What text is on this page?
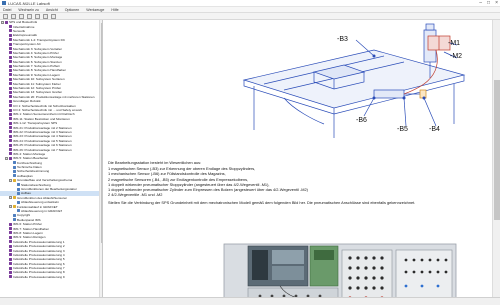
LUCAS-NÜLLE Labsoft	– □ ×
Datei Wechseln zu Ansicht Optionen Werkzeuge Hilfe
-	SPS und Bustechnik
Inbetriebnahme
Sensorik
Elektropneumatik
Mechatronik 1-2: Transportsystem DC
Transportsystem AC
Mechatronik 3: Subsystem Verteilen
Mechatronik 4: Subsystem Prüfen
Mechatronik 5: Subsystem Montage
Mechatronik 6: Subsystem Stanzen
Mechatronik 7: Subsystem Puffern
Mechatronik 8: Subsystem Handhaben
Mechatronik 9: Subsystem Lagern
Mechatronik 10: Subsystem Sortieren
Mechatronik 11: Subsystem Kleben
Mechatronik 12: Subsystem Prüfen
Mechatronik 13: Subsystem Greifen
Mechatronik 20: Produktionsanlage mit mehreren Stationen
Grundlagen Robotik
CO 1: Sicherheitstechnik mit Schutzkontakten
CO 2: Sicherheitstechnik mit ... und Safety at work
IMS 1: Station Sensoriereinheit mit Drehtisch
IMS 11: Station Bestücken und Montieren
IMS 1-12: Transportsystem SPS
IMS 21: Produktionsanlage mit 2 Stationen
IMS 22: Produktionsanlage mit 3 Stationen
IMS 23: Produktionsanlage mit 4 Stationen
IMS 24: Produktionsanlage mit 5 Stationen
IMS 25: Produktionsanlage mit 6 Stationen
IMS 26: Produktionsanlage mit 7 Stationen
IMS 4: Station Montage
-	IMS 5: Station Bearbeiten
Kurzbeschreibung
Technische Daten
Sicherheitsbestimmung
Aufbauplan
-	Grundaufbau und Verschaltungsschema
Stationsbeschreibung
Grundfunktionen der Bearbeitungsstation
Aufbau
-	Grundfunktion des Ablaufs/Sensoren
Ablaufsteuerung entwickeln
-	Funktionsablauf in GRAFCET
Ablaufsteuerung in GRAFCET
Copyright
Bedienpanel IMS
IMS 6: Station Prüfen
IMS 7: Station Handhaben
IMS 8: Station Lagern
IMS 9: Station Reinigen
Industrielle Prozessautomatisierung 1
Industrielle Prozessautomatisierung 2
Industrielle Prozessautomatisierung 3
Industrielle Prozessautomatisierung 4
Industrielle Prozessautomatisierung 5
Industrielle Prozessautomatisierung 6
Industrielle Prozessautomatisierung 7
Industrielle Prozessautomatisierung 8
Industrielle Prozessautomatisierung 9
-B3
-M1
-M2
-B6
-B5	-B4
Die Bearbeitungsstation besteht im Wesentlichen aus:
1 magnetischen Sensor (-B3) zur Erkennung der oberen Endlage des Stoppzylinders,
1 mechanischen Sensor (-B6) zur Füllstandskontrolle des Magazins,
2 magnetische Sensoren (-B4, -B5) zur Endlagenkontrolle des Empressekolbens,
1 doppelt wirkender pneumatischer Stoppzylinder (angesteuert über das 4/2-Wegeventil -M1),
1 doppelt wirkender pneumatischer Zylinder zum Einpressen des Bolzen (angesteuert über das 4/2-Wegeventil -M2)
2 4/2-Wegeventile -M1 und -M2
Stellen Sie die Verbindung der SPS Grundeinheit mit dem mechatronischen Modell gemäß dem folgenden Bild her. Die pneumatischen Anschlüsse sind ebenfalls gekennzeichnet.
